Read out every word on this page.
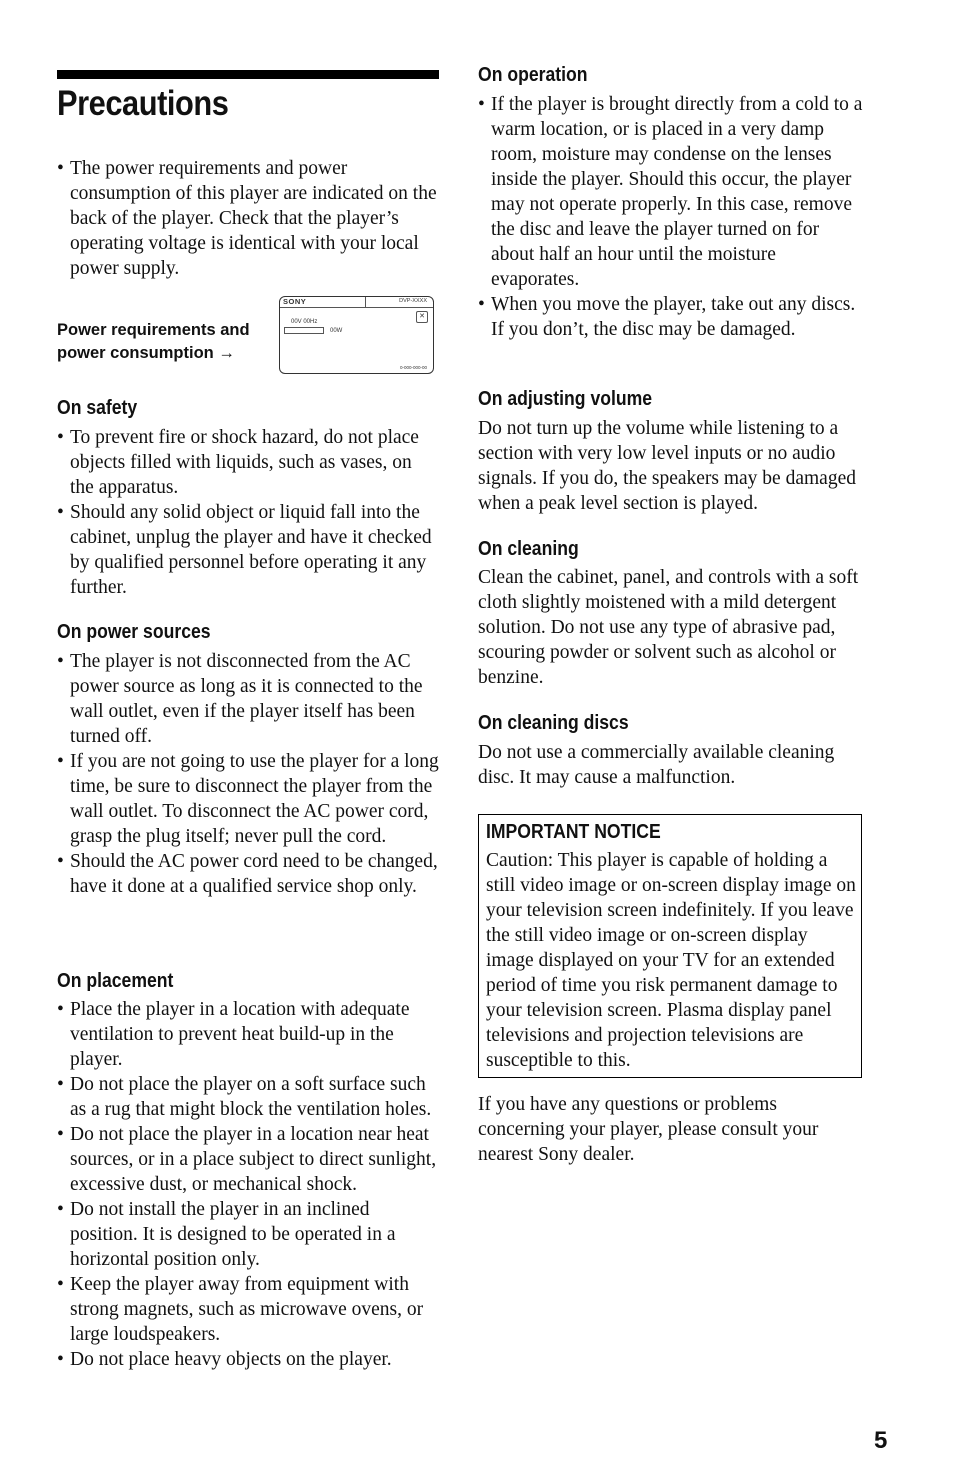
Precautions
• The power requirements and power consumption of this player are indicated on the back of the player. Check that the player’s operating voltage is identical with your local power supply.
Power requirements and power consumption →
SONY	DVP-XXXX
00V 00Hz
00W
✕
0-000-000-00
On safety
• To prevent fire or shock hazard, do not place objects filled with liquids, such as vases, on the apparatus.
• Should any solid object or liquid fall into the cabinet, unplug the player and have it checked by qualified personnel before operating it any further.
On power sources
• The player is not disconnected from the AC power source as long as it is connected to the wall outlet, even if the player itself has been turned off.
• If you are not going to use the player for a long time, be sure to disconnect the player from the wall outlet. To disconnect the AC power cord, grasp the plug itself; never pull the cord.
• Should the AC power cord need to be changed, have it done at a qualified service shop only.
On placement
• Place the player in a location with adequate ventilation to prevent heat build-up in the player.
• Do not place the player on a soft surface such as a rug that might block the ventilation holes.
• Do not place the player in a location near heat sources, or in a place subject to direct sunlight, excessive dust, or mechanical shock.
• Do not install the player in an inclined position. It is designed to be operated in a horizontal position only.
• Keep the player away from equipment with strong magnets, such as microwave ovens, or large loudspeakers.
• Do not place heavy objects on the player.
On operation
• If the player is brought directly from a cold to a warm location, or is placed in a very damp room, moisture may condense on the lenses inside the player. Should this occur, the player may not operate properly. In this case, remove the disc and leave the player turned on for about half an hour until the moisture evaporates.
• When you move the player, take out any discs. If you don’t, the disc may be damaged.
On adjusting volume

Do not turn up the volume while listening to a section with very low level inputs or no audio signals. If you do, the speakers may be damaged when a peak level section is played.

On cleaning

Clean the cabinet, panel, and controls with a soft cloth slightly moistened with a mild detergent solution. Do not use any type of abrasive pad, scouring powder or solvent such as alcohol or benzine.

On cleaning discs

Do not use a commercially available cleaning disc. It may cause a malfunction.

IMPORTANT NOTICE

Caution: This player is capable of holding a still video image or on-screen display image on your television screen indefinitely. If you leave the still video image or on-screen display image displayed on your TV for an extended period of time you risk permanent damage to your television screen. Plasma display panel televisions and projection televisions are susceptible to this.

If you have any questions or problems concerning your player, please consult your nearest Sony dealer.

5
